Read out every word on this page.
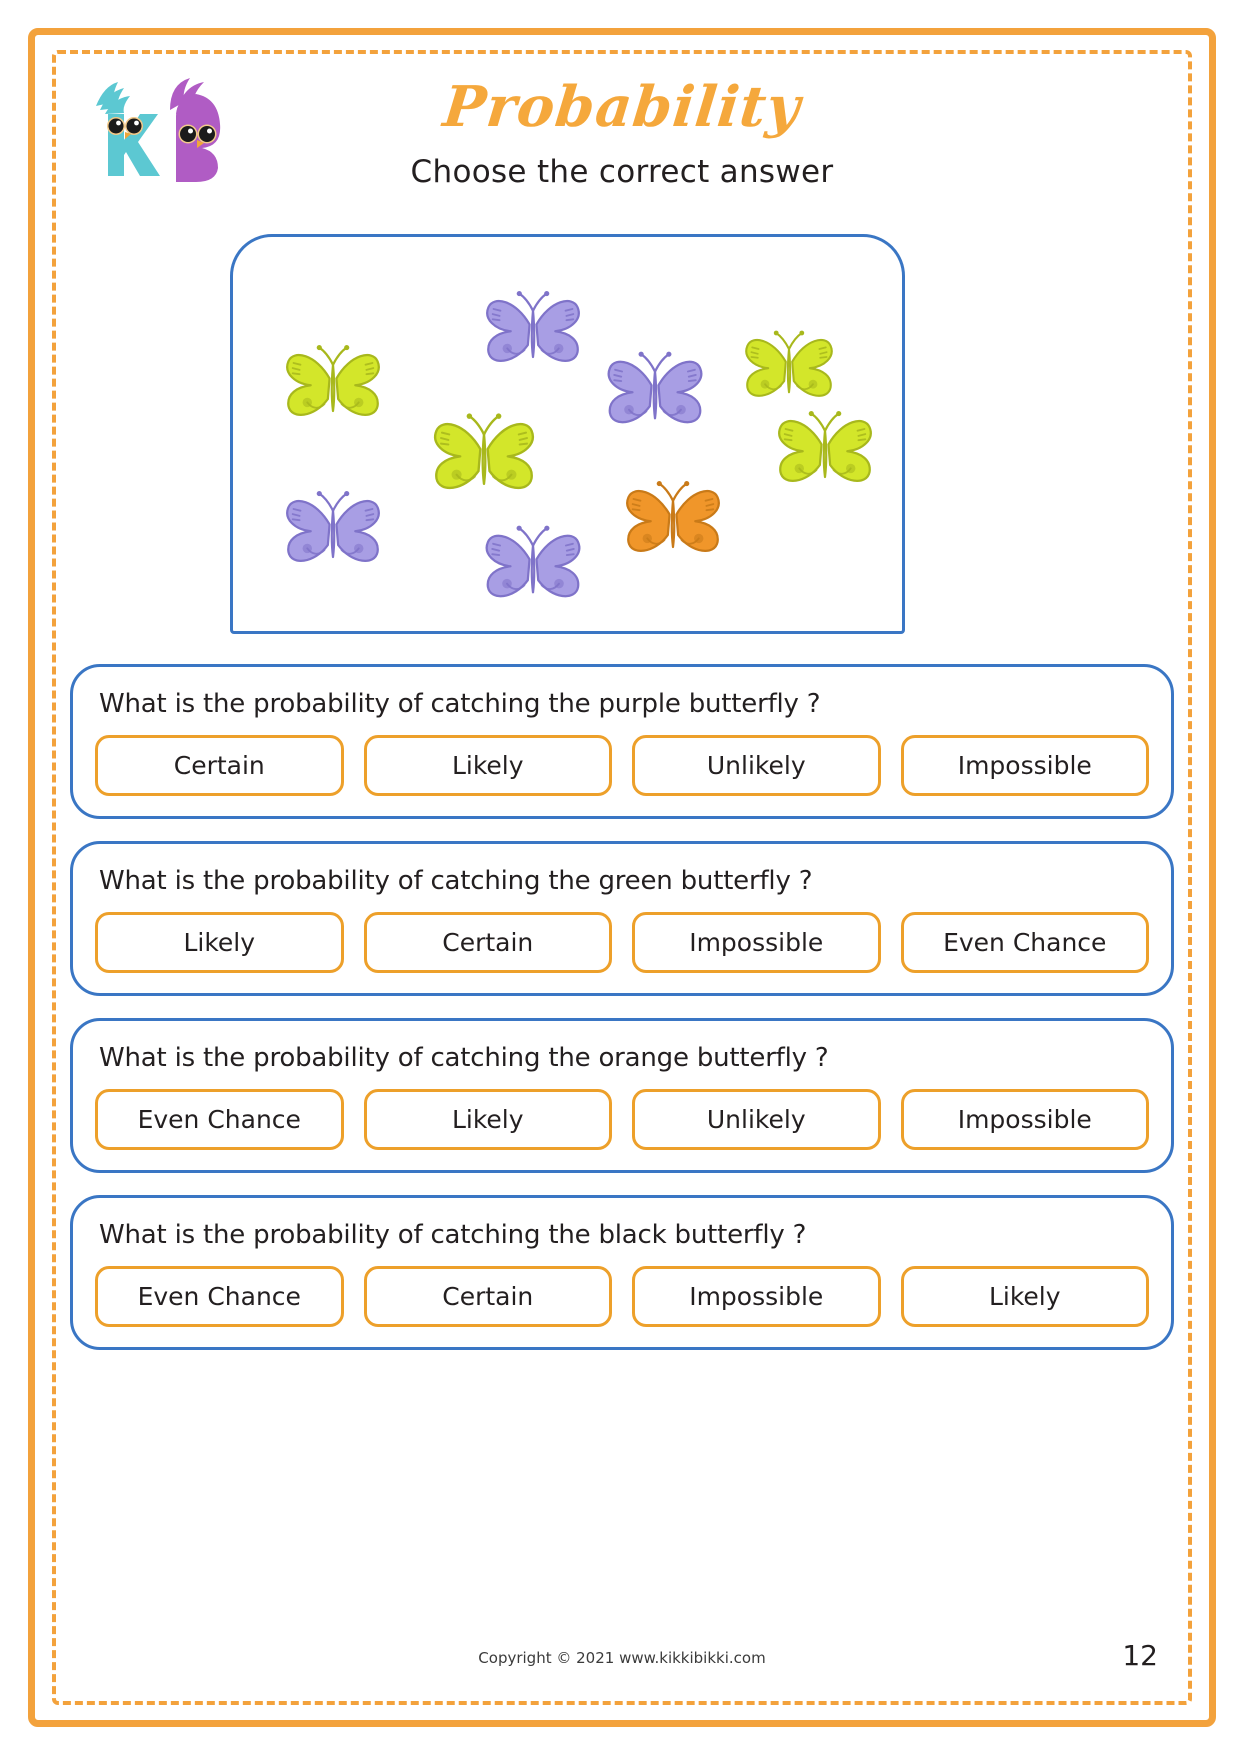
Probability
Choose the correct answer
What is the probability of catching the purple butterfly ?
Certain	Likely	Unlikely	Impossible
What is the probability of catching the green butterfly ?
Likely	Certain	Impossible	Even Chance
What is the probability of catching the orange butterfly ?
Even Chance	Likely	Unlikely	Impossible
What is the probability of catching the black butterfly ?
Even Chance	Certain	Impossible	Likely
Copyright © 2021 www.kikkibikki.com	12
